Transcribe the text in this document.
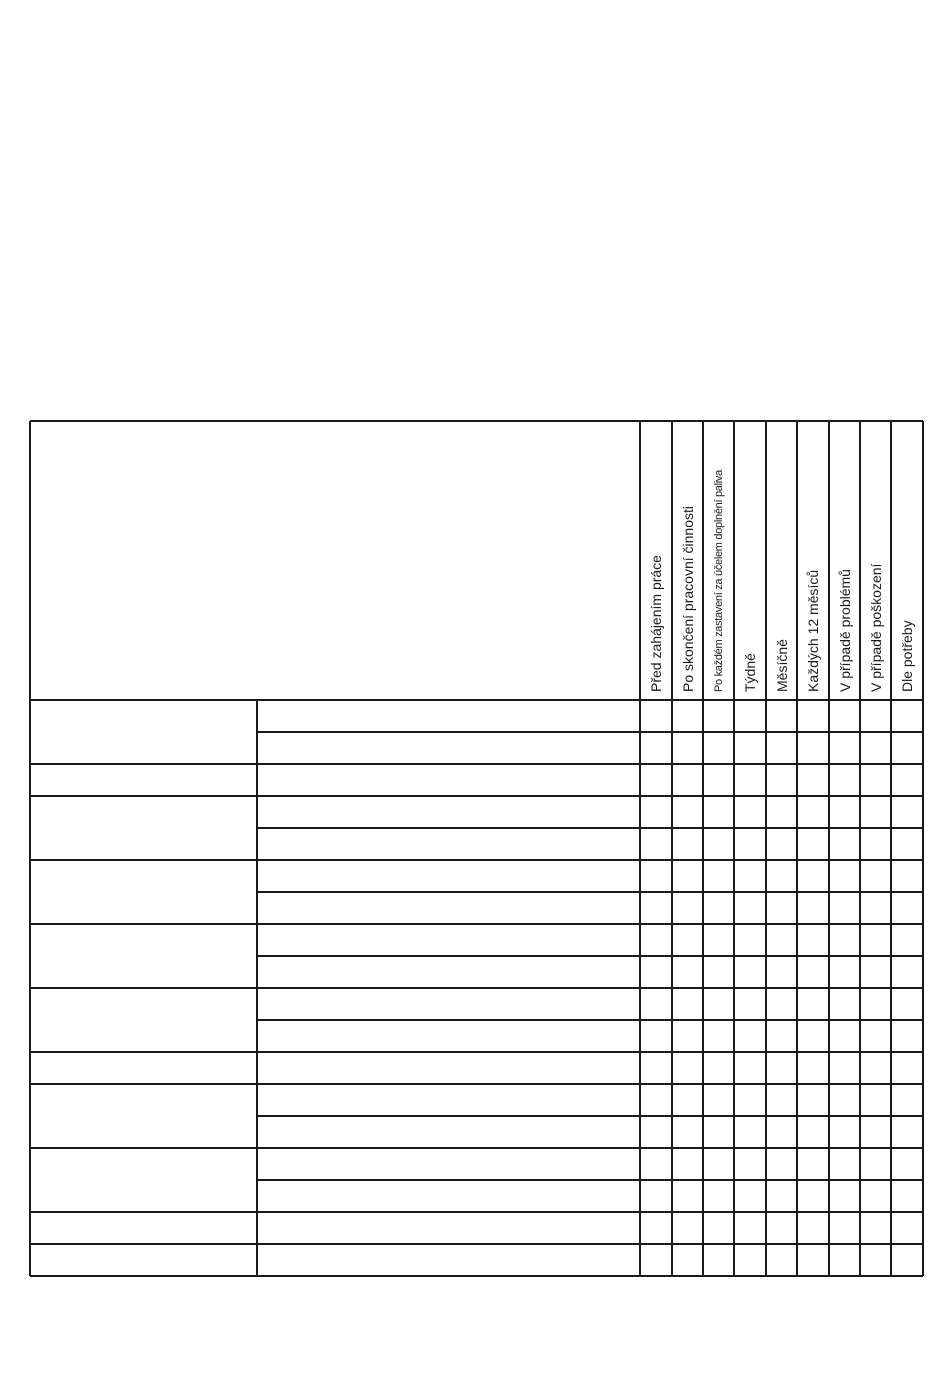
Před zahájením práce Po skončení pracovní činnosti Po každém zastavení za účelem doplnění paliva Týdně Měsíčně Každých 12 měsíců V případě problémů V případě poškození Dle potřeby
